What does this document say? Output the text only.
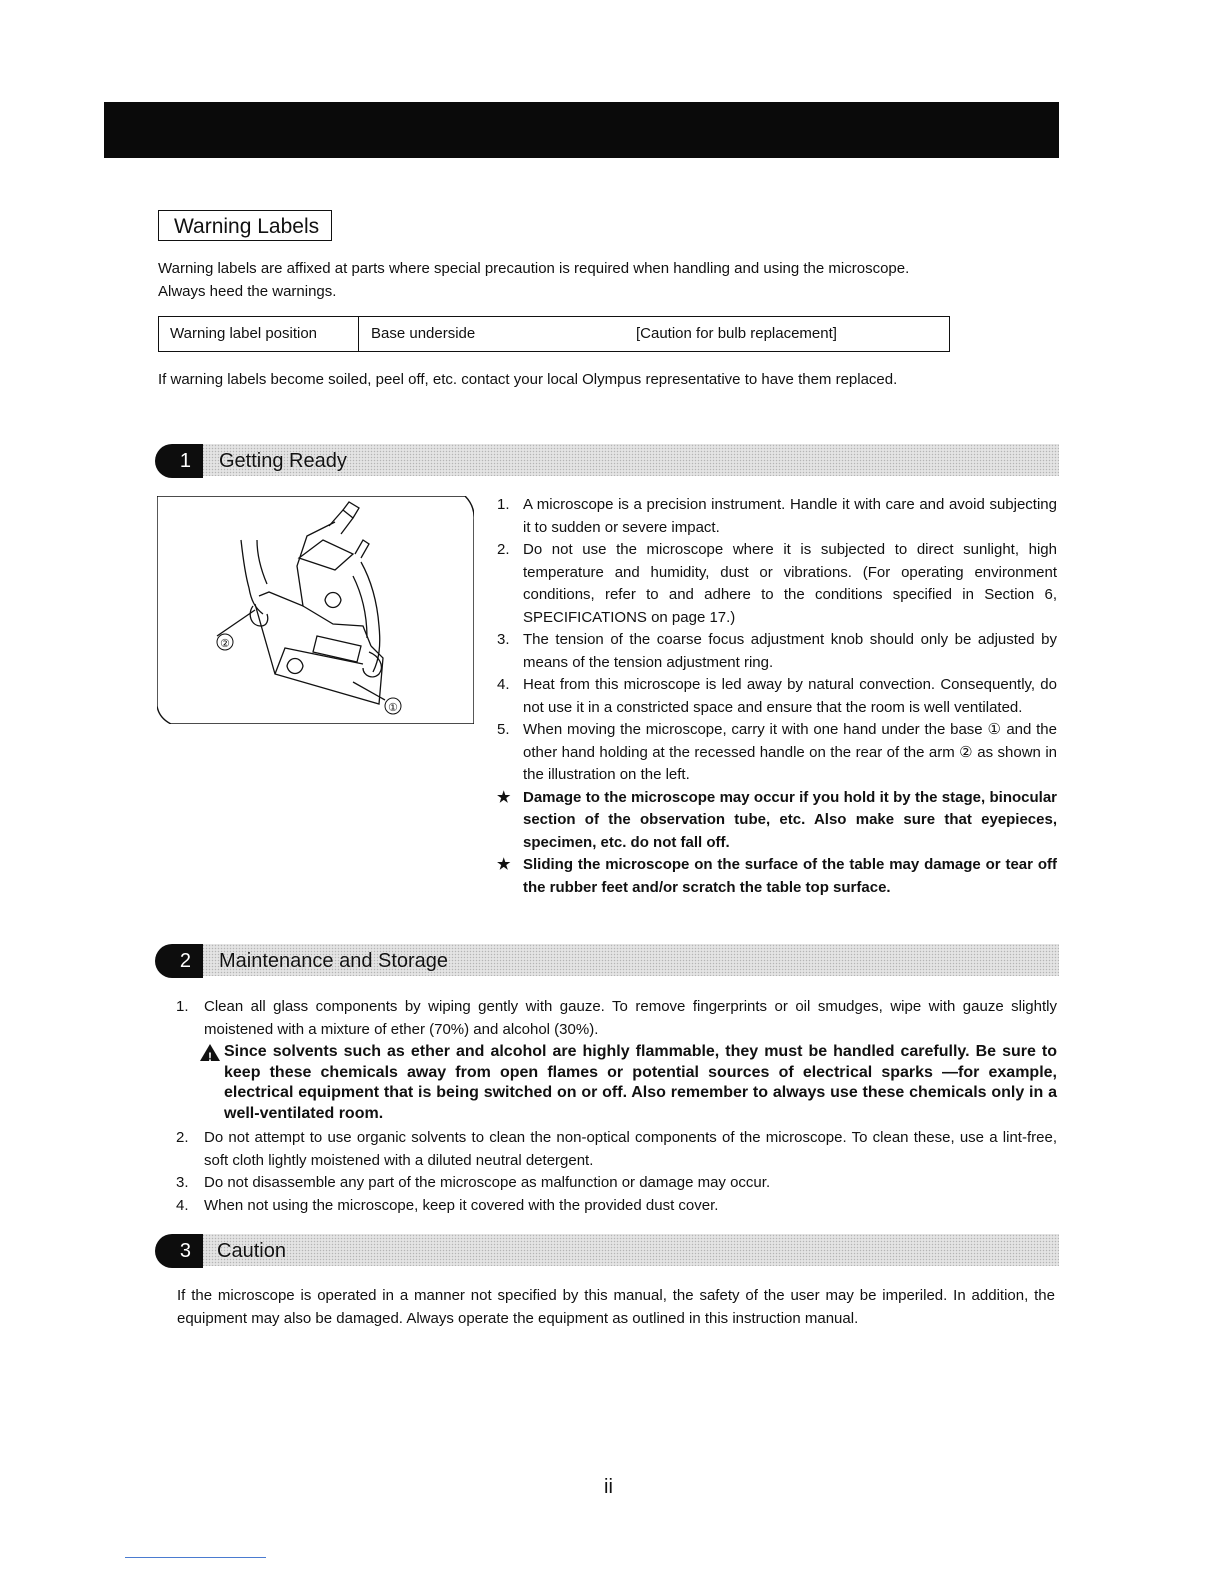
Warning Labels
Warning labels are affixed at parts where special precaution is required when handling and using the microscope.
Always heed the warnings.
Warning label position	Base underside	[Caution for bulb replacement]
If warning labels become soiled, peel off, etc. contact your local Olympus representative to have them replaced.
1	Getting Ready
②
①
1. A microscope is a precision instrument. Handle it with care and avoid subjecting it to sudden or severe impact.
2. Do not use the microscope where it is subjected to direct sunlight, high temperature and humidity, dust or vibrations. (For operating environment conditions, refer to and adhere to the conditions specified in Section 6, SPECIFICATIONS on page 17.)
3. The tension of the coarse focus adjustment knob should only be adjusted by means of the tension adjustment ring.
4. Heat from this microscope is led away by natural convection. Consequently, do not use it in a constricted space and ensure that the room is well ventilated.
5. When moving the microscope, carry it with one hand under the base ① and the other hand holding at the recessed handle on the rear of the arm ② as shown in the illustration on the left.
★ Damage to the microscope may occur if you hold it by the stage, binocular section of the observation tube, etc. Also make sure that eyepieces, specimen, etc. do not fall off.
★ Sliding the microscope on the surface of the table may damage or tear off the rubber feet and/or scratch the table top surface.
2	Maintenance and Storage
1.	Clean all glass components by wiping gently with gauze. To remove fingerprints or oil smudges, wipe with gauze slightly moistened with a mixture of ether (70%) and alcohol (30%).
!
Since solvents such as ether and alcohol are highly flammable, they must be handled carefully. Be sure to keep these chemicals away from open flames or potential sources of electrical sparks —for example, electrical equipment that is being switched on or off. Also remember to always use these chemicals only in a well-ventilated room.
2.	Do not attempt to use organic solvents to clean the non-optical components of the microscope. To clean these, use a lint-free, soft cloth lightly moistened with a diluted neutral detergent.
3.	Do not disassemble any part of the microscope as malfunction or damage may occur.
4.	When not using the microscope, keep it covered with the provided dust cover.
3	Caution
If the microscope is operated in a manner not specified by this manual, the safety of the user may be imperiled. In addition, the equipment may also be damaged. Always operate the equipment as outlined in this instruction manual.
ii
